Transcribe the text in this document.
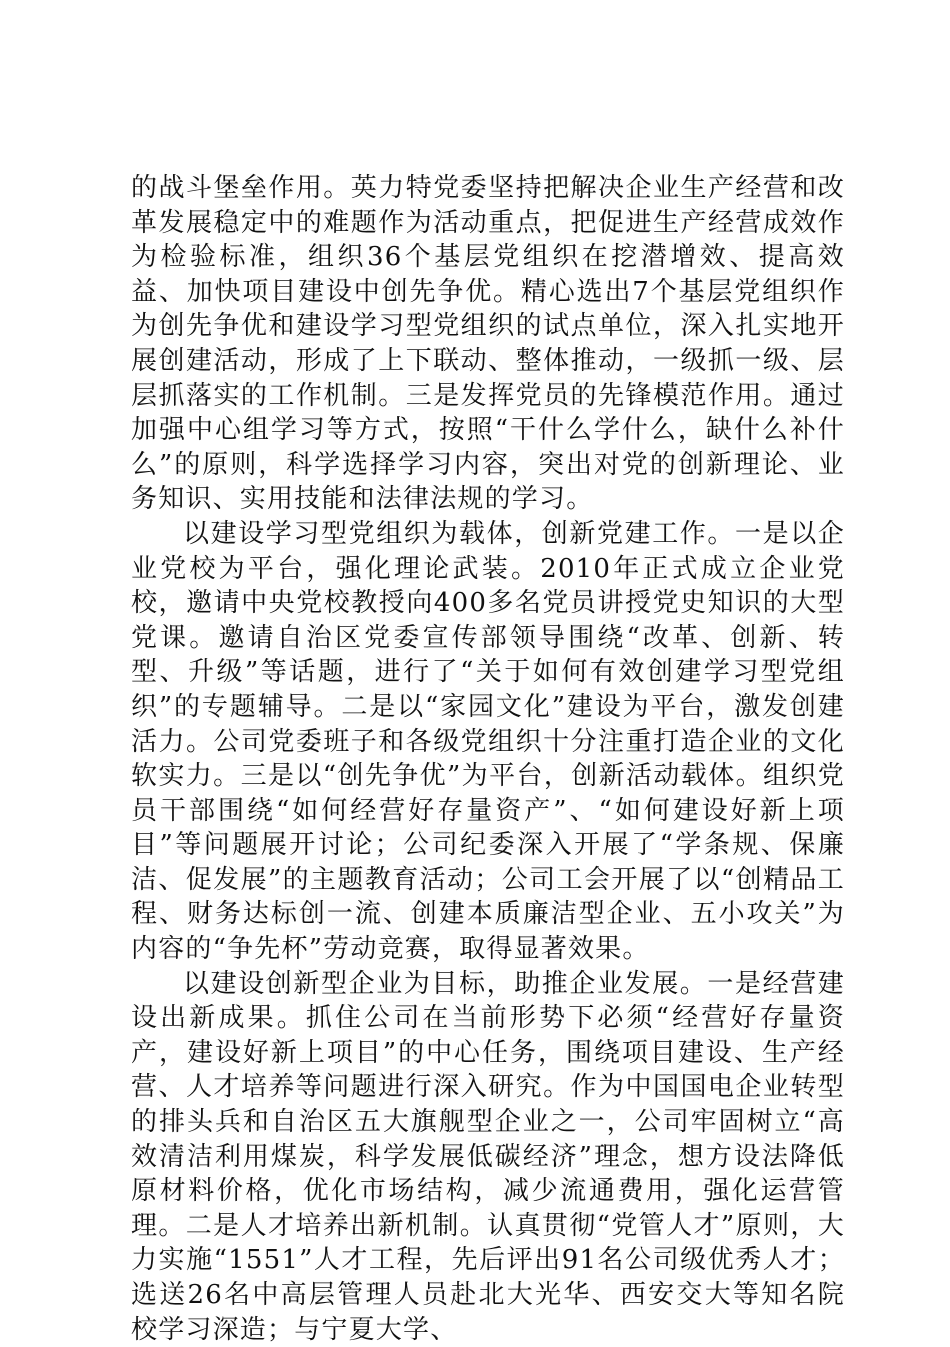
的战斗堡垒作用。英力特党委坚持把解决企业生产经营和改革发展稳定中的难题作为活动重点，把促进生产经营成效作为检验标准，组织36个基层党组织在挖潜增效、提高效益、加快项目建设中创先争优。精心选出7个基层党组织作为创先争优和建设学习型党组织的试点单位，深入扎实地开展创建活动，形成了上下联动、整体推动，一级抓一级、层层抓落实的工作机制。三是发挥党员的先锋模范作用。通过加强中心组学习等方式，按照“干什么学什么，缺什么补什么”的原则，科学选择学习内容，突出对党的创新理论、业务知识、实用技能和法律法规的学习。

以建设学习型党组织为载体，创新党建工作。一是以企业党校为平台，强化理论武装。2010年正式成立企业党校，邀请中央党校教授向400多名党员讲授党史知识的大型党课。邀请自治区党委宣传部领导围绕“改革、创新、转型、升级”等话题，进行了“关于如何有效创建学习型党组织”的专题辅导。二是以“家园文化”建设为平台，激发创建活力。公司党委班子和各级党组织十分注重打造企业的文化软实力。三是以“创先争优”为平台，创新活动载体。组织党员干部围绕“如何经营好存量资产”、“如何建设好新上项目”等问题展开讨论；公司纪委深入开展了“学条规、保廉洁、促发展”的主题教育活动；公司工会开展了以“创精品工程、财务达标创一流、创建本质廉洁型企业、五小攻关”为内容的“争先杯”劳动竞赛，取得显著效果。

以建设创新型企业为目标，助推企业发展。一是经营建设出新成果。抓住公司在当前形势下必须“经营好存量资产，建设好新上项目”的中心任务，围绕项目建设、生产经营、人才培养等问题进行深入研究。作为中国国电企业转型的排头兵和自治区五大旗舰型企业之一，公司牢固树立“高效清洁利用煤炭，科学发展低碳经济”理念，想方设法降低原材料价格，优化市场结构，减少流通费用，强化运营管理。二是人才培养出新机制。认真贯彻“党管人才”原则，大力实施“1551”人才工程，先后评出91名公司级优秀人才；选送26名中高层管理人员赴北大光华、西安交大等知名院校学习深造；与宁夏大学、
